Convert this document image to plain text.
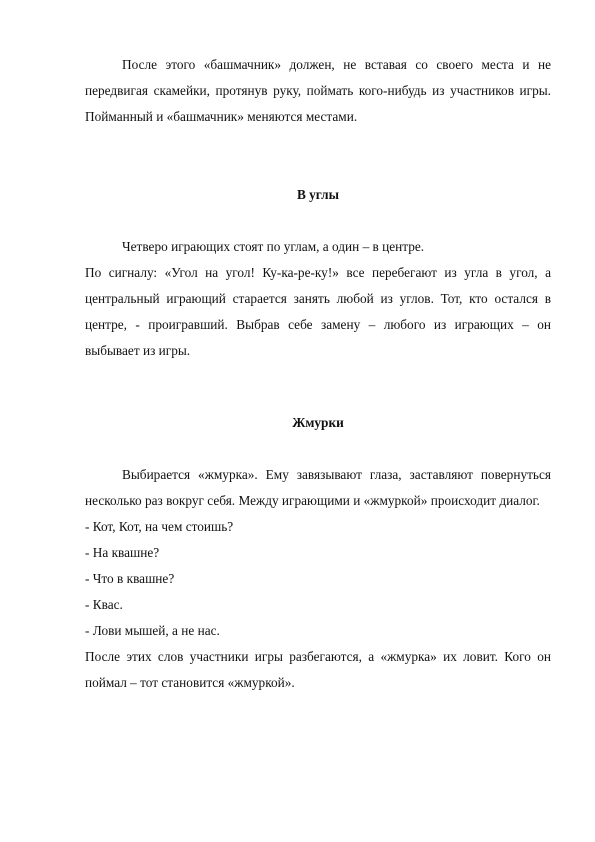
После этого «башмачник» должен, не вставая со своего места и не передвигая скамейки, протянув руку, поймать кого-нибудь из участников игры. Пойманный и «башмачник» меняются местами.

В углы

Четверо играющих стоят по углам, а один – в центре.

По сигналу: «Угол на угол! Ку-ка-ре-ку!» все перебегают из угла в угол, а центральный играющий старается занять любой из углов. Тот, кто остался в центре, - проигравший. Выбрав себе замену – любого из играющих – он выбывает из игры.

Жмурки

Выбирается «жмурка». Ему завязывают глаза, заставляют повернуться несколько раз вокруг себя. Между играющими и «жмуркой» происходит диалог.

- Кот, Кот, на чем стоишь?

- На квашне?

- Что в квашне?

- Квас.

- Лови мышей, а не нас.

После этих слов участники игры разбегаются, а «жмурка» их ловит. Кого он поймал – тот становится «жмуркой».
